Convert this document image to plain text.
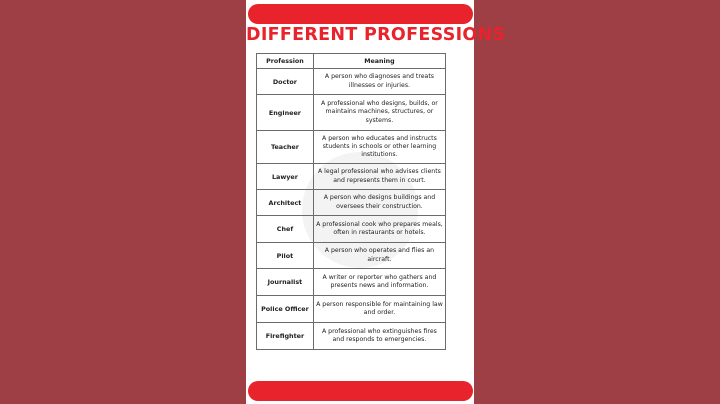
DIFFERENT PROFESSIONS
Profession	Meaning
Doctor	A person who diagnoses and treats illnesses or injuries.
Engineer	A professional who designs, builds, or maintains machines, structures, or systems.
Teacher	A person who educates and instructs students in schools or other learning institutions.
Lawyer	A legal professional who advises clients and represents them in court.
Architect	A person who designs buildings and oversees their construction.
Chef	A professional cook who prepares meals, often in restaurants or hotels.
Pilot	A person who operates and flies an aircraft.
Journalist	A writer or reporter who gathers and presents news and information.
Police Officer	A person responsible for maintaining law and order.
Firefighter	A professional who extinguishes fires and responds to emergencies.
